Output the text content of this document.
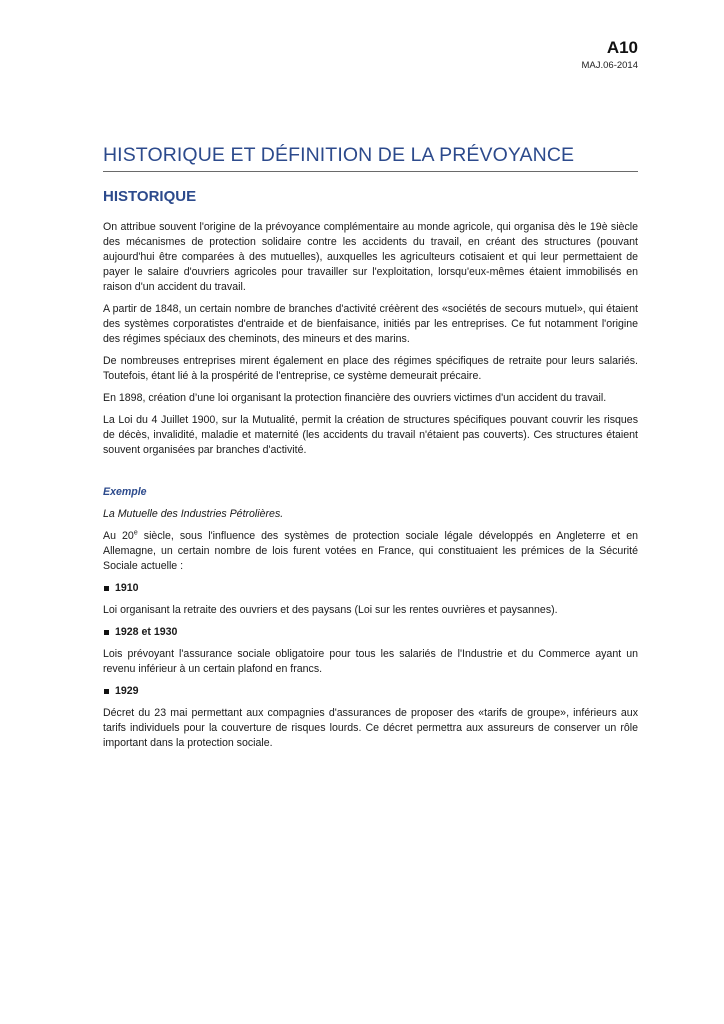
A10
MAJ.06-2014
HISTORIQUE ET DÉFINITION DE LA PRÉVOYANCE
HISTORIQUE

On attribue souvent l'origine de la prévoyance complémentaire au monde agricole, qui organisa dès le 19è siècle des mécanismes de protection solidaire contre les accidents du travail, en créant des structures (pouvant aujourd'hui être comparées à des mutuelles), auxquelles les agriculteurs cotisaient et qui leur permettaient de payer le salaire d'ouvriers agricoles pour travailler sur l'exploitation, lorsqu'eux-mêmes étaient immobilisés en raison d'un accident du travail.

A partir de 1848, un certain nombre de branches d'activité créèrent des «sociétés de secours mutuel», qui étaient des systèmes corporatistes d'entraide et de bienfaisance, initiés par les entreprises. Ce fut notamment l'origine des régimes spéciaux des cheminots, des mineurs et des marins.

De nombreuses entreprises mirent également en place des régimes spécifiques de retraite pour leurs salariés. Toutefois, étant lié à la prospérité de l'entreprise, ce système demeurait précaire.

En 1898, création d’une loi organisant la protection financière des ouvriers victimes d'un accident du travail.

La Loi du 4 Juillet 1900, sur la Mutualité, permit la création de structures spécifiques pouvant couvrir les risques de décès, invalidité, maladie et maternité (les accidents du travail n'étaient pas couverts). Ces structures étaient souvent organisées par branches d'activité.

Exemple

La Mutuelle des Industries Pétrolières.

Au 20e siècle, sous l'influence des systèmes de protection sociale légale développés en Angleterre et en Allemagne, un certain nombre de lois furent votées en France, qui constituaient les prémices de la Sécurité Sociale actuelle :

1910

Loi organisant la retraite des ouvriers et des paysans (Loi sur les rentes ouvrières et paysannes).

1928 et 1930

Lois prévoyant l'assurance sociale obligatoire pour tous les salariés de l'Industrie et du Commerce ayant un revenu inférieur à un certain plafond en francs.

1929

Décret du 23 mai permettant aux compagnies d'assurances de proposer des «tarifs de groupe», inférieurs aux tarifs individuels pour la couverture de risques lourds. Ce décret permettra aux assureurs de conserver un rôle important dans la protection sociale.
